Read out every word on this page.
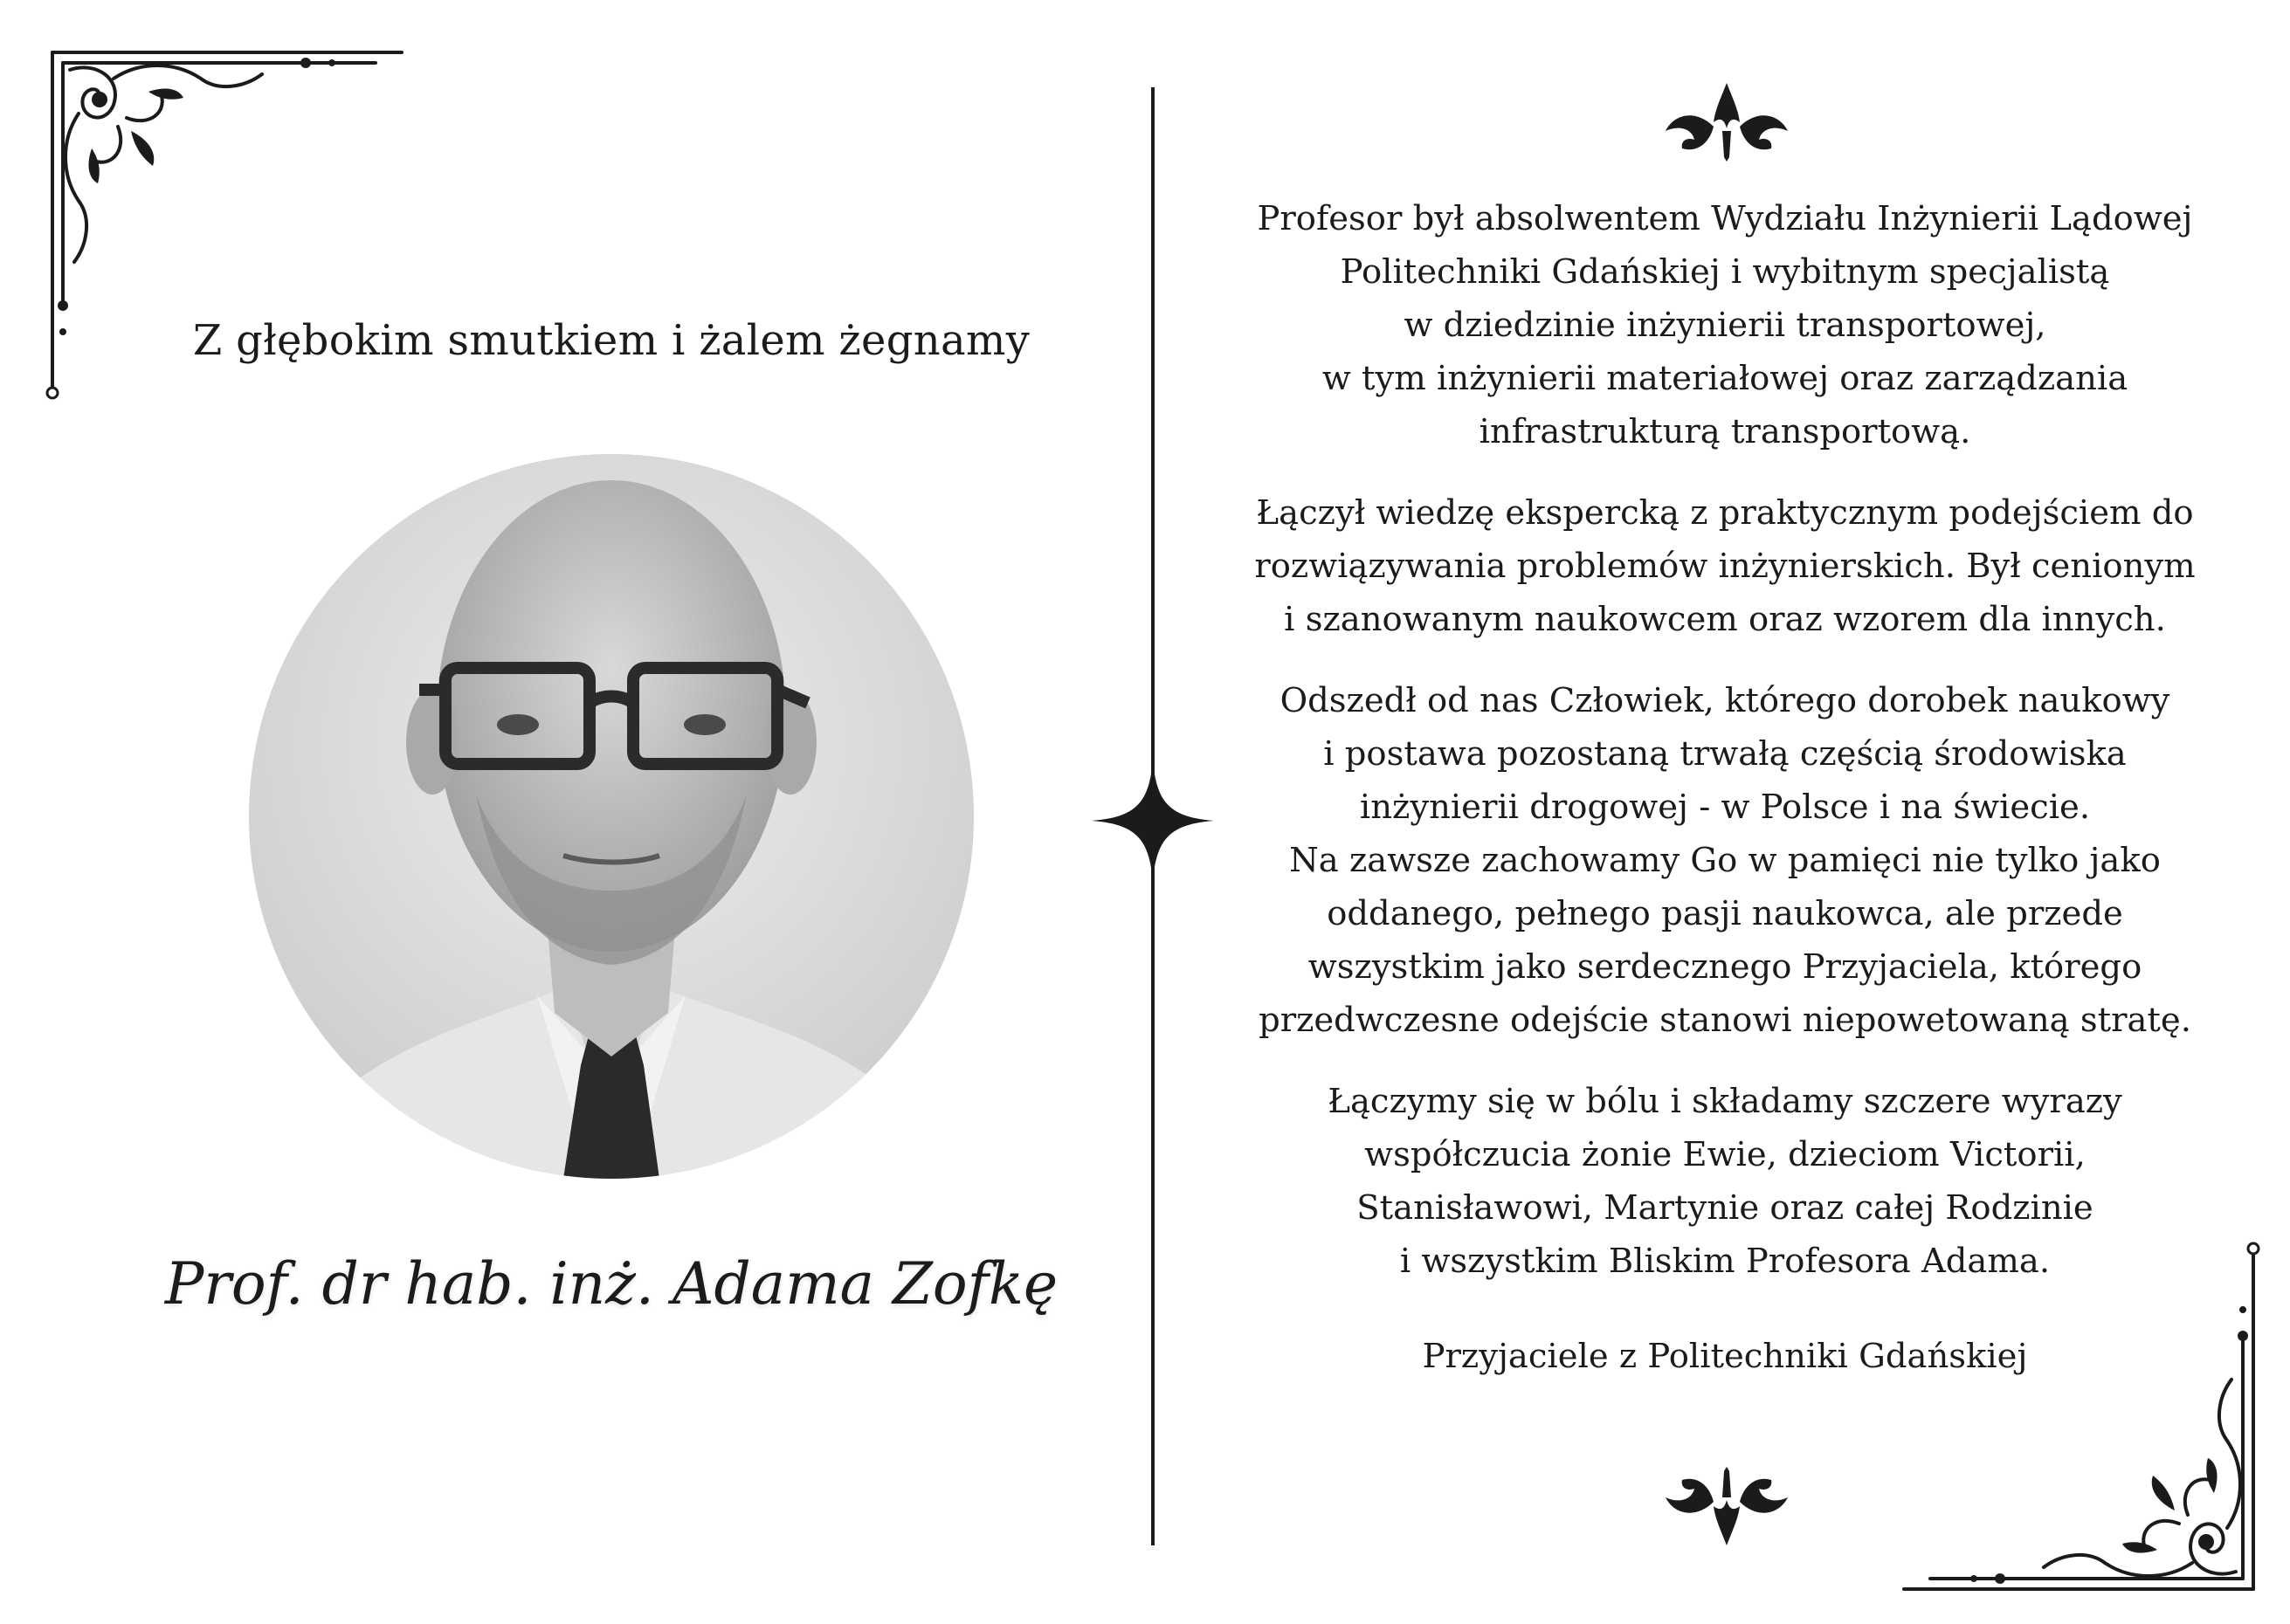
Z głębokim smutkiem i żalem żegnamy
Prof. dr hab. inż. Adama Zofkę

Profesor był absolwentem Wydziału Inżynierii Lądowej
Politechniki Gdańskiej i wybitnym specjalistą
w dziedzinie inżynierii transportowej,
w tym inżynierii materiałowej oraz zarządzania
infrastrukturą transportową.

Łączył wiedzę ekspercką z praktycznym podejściem do
rozwiązywania problemów inżynierskich. Był cenionym
i szanowanym naukowcem oraz wzorem dla innych.

Odszedł od nas Człowiek, którego dorobek naukowy
i postawa pozostaną trwałą częścią środowiska
inżynierii drogowej - w Polsce i na świecie.
Na zawsze zachowamy Go w pamięci nie tylko jako
oddanego, pełnego pasji naukowca, ale przede
wszystkim jako serdecznego Przyjaciela, którego
przedwczesne odejście stanowi niepowetowaną stratę.

Łączymy się w bólu i składamy szczere wyrazy
współczucia żonie Ewie, dzieciom Victorii,
Stanisławowi, Martynie oraz całej Rodzinie
i wszystkim Bliskim Profesora Adama.

Przyjaciele z Politechniki Gdańskiej
